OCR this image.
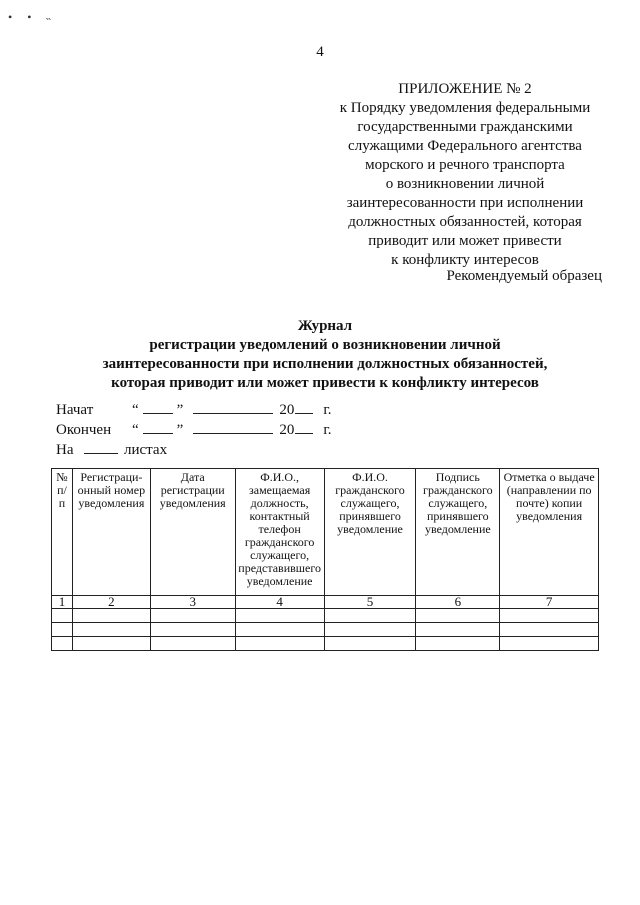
• • ˵
4
ПРИЛОЖЕНИЕ № 2
к Порядку уведомления федеральными
государственными гражданскими
служащими Федерального агентства
морского и речного транспорта
о возникновении личной
заинтересованности при исполнении
должностных обязанностей, которая
приводит или может привести
к конфликту интересов
Рекомендуемый образец
Журнал
регистрации уведомлений о возникновении личной
заинтересованности при исполнении должностных обязанностей,
которая приводит или может привести к конфликту интересов
Начат	“	”	20 г.
Окончен	“	”	20 г.
На	листах
№ п/п	Регистраци-онный номер уведомления	Дата регистрации уведомления	Ф.И.О., замещаемая должность, контактный телефон гражданского служащего, представившего уведомление	Ф.И.О. гражданского служащего, принявшего уведомление	Подпись гражданского служащего, принявшего уведомление	Отметка о выдаче (направлении по почте) копии уведомления
1	2	3	4	5	6	7
